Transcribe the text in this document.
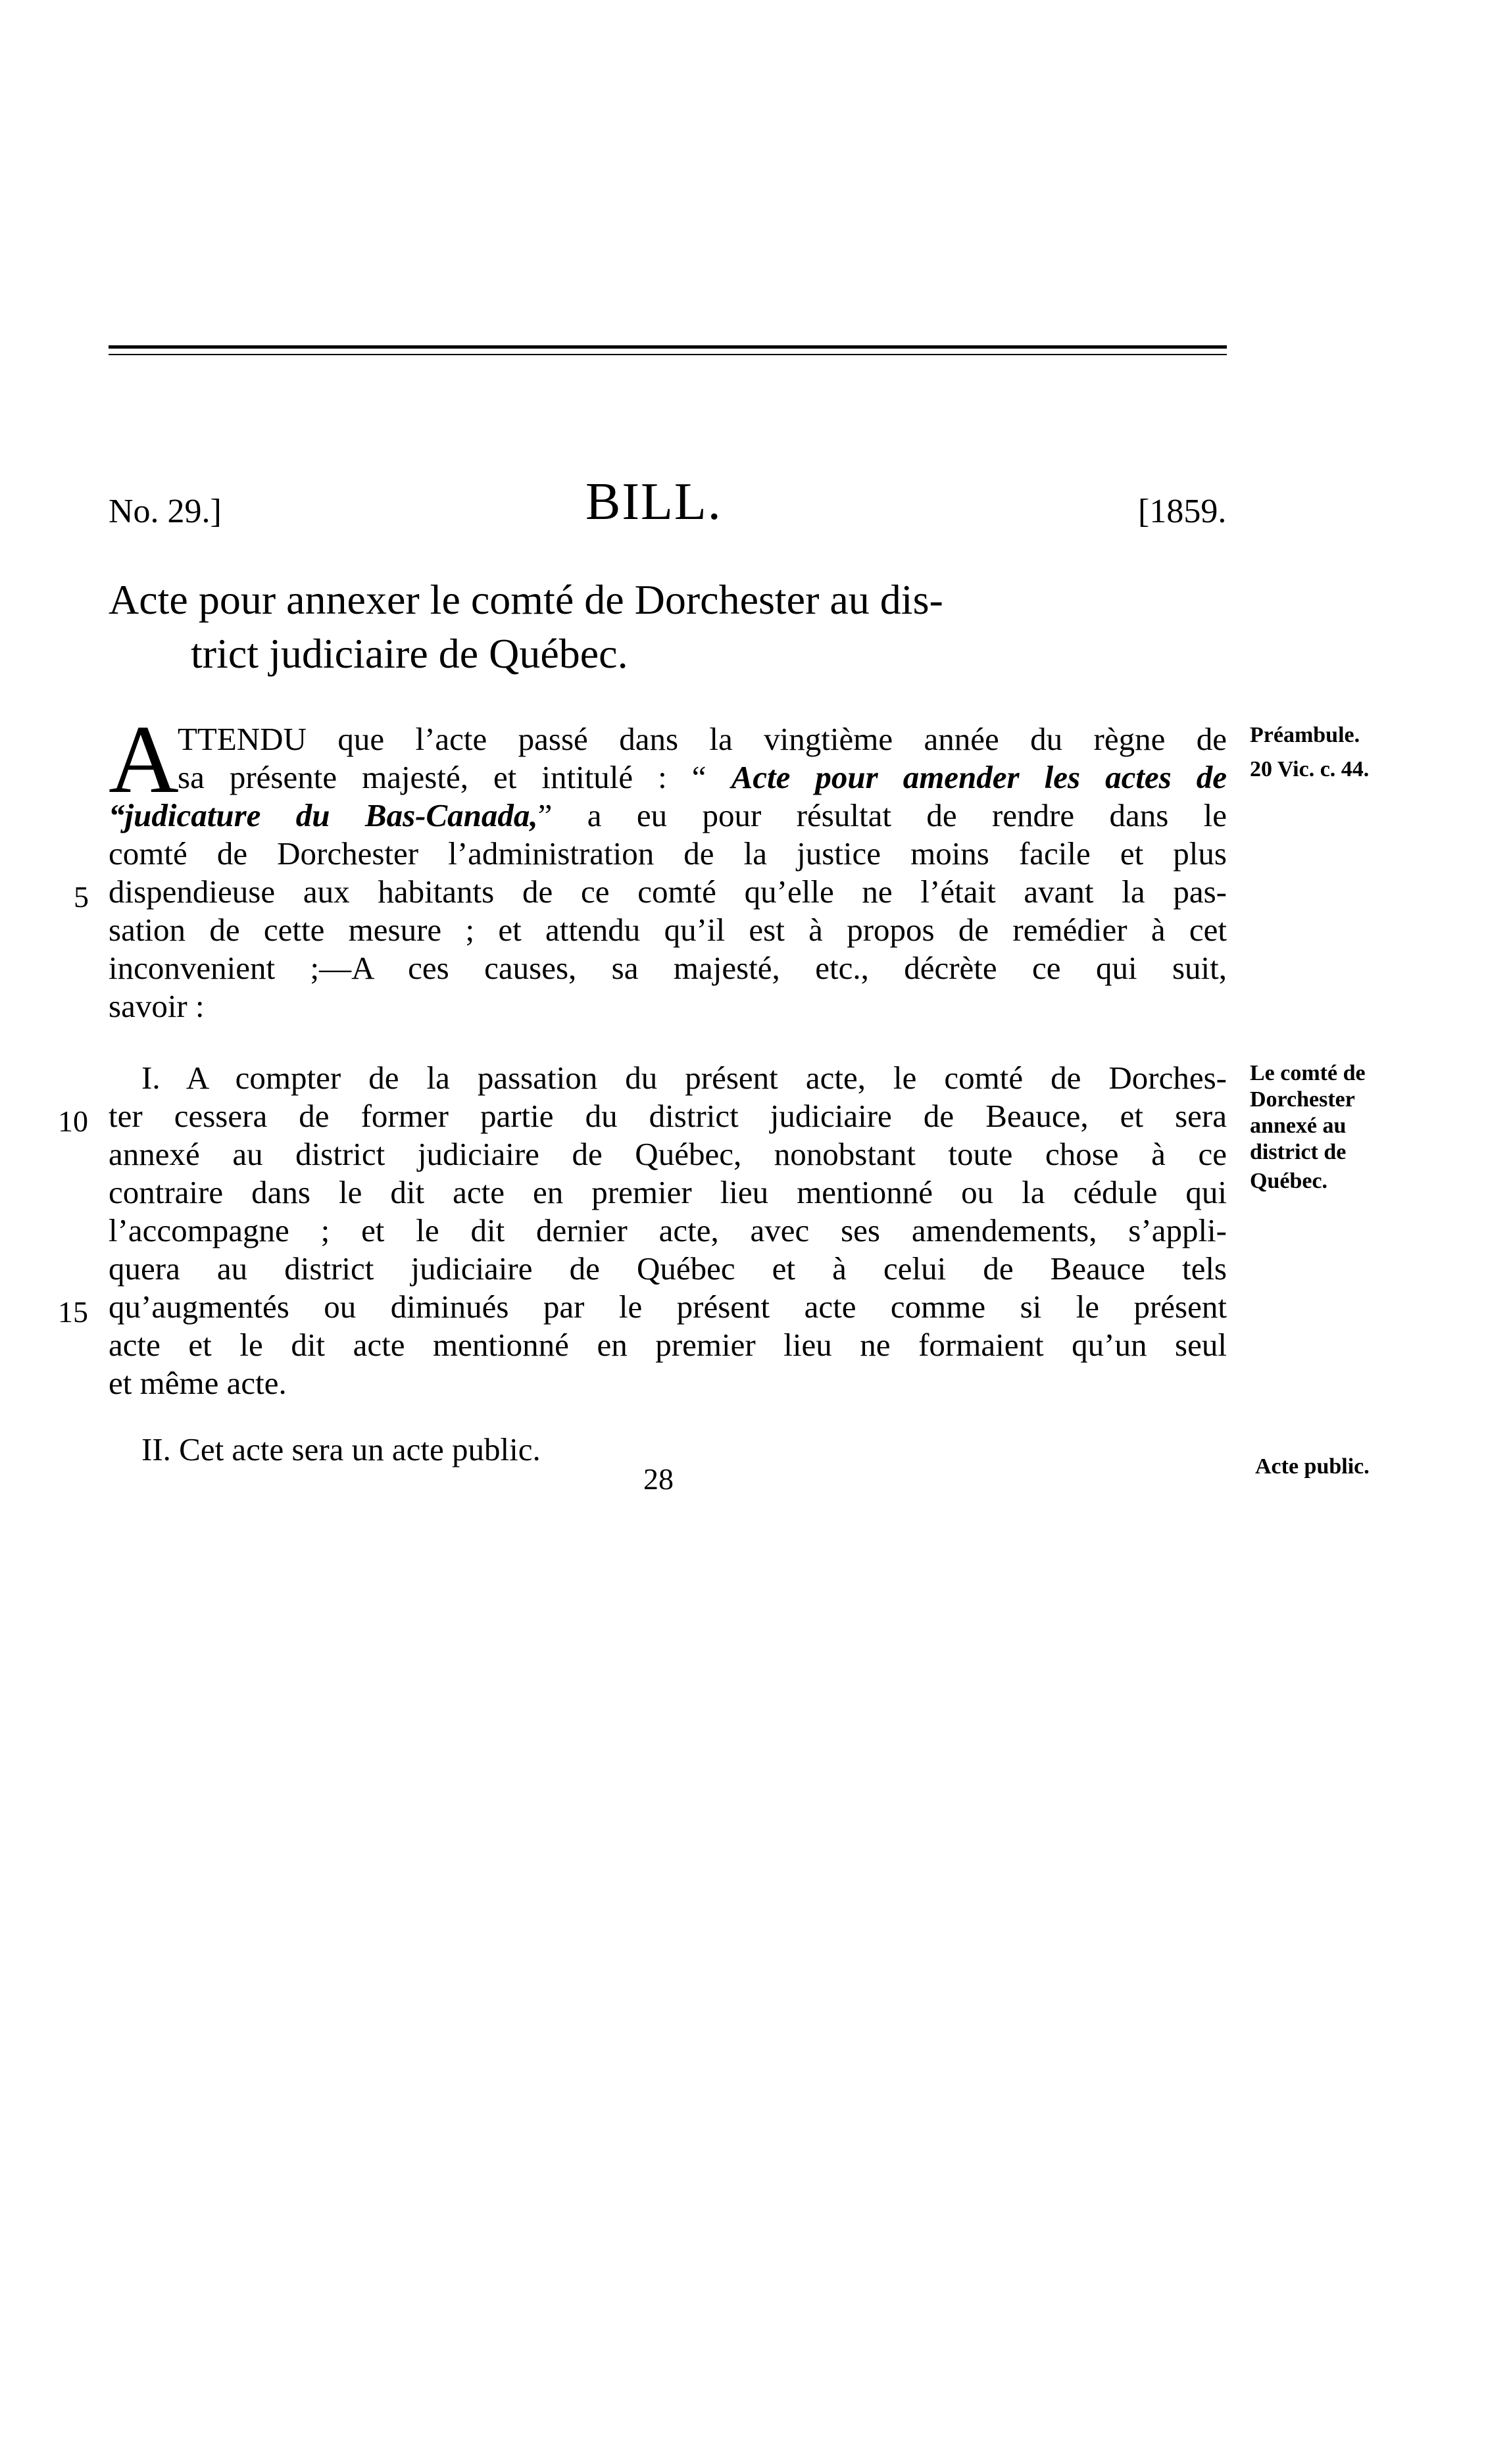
No. 29.]	BILL.	[1859.
Acte pour annexer le comté de Dorchester au dis-
trict judiciaire de Québec.
A
TTENDU que l’acte passé dans la vingtième année du règne de
sa présente majesté, et intitulé : “ Acte pour amender les actes de
“judicature du Bas-Canada,” a eu pour résultat de rendre dans le
comté de Dorchester l’administration de la justice moins facile et plus
dispendieuse aux habitants de ce comté qu’elle ne l’était avant la pas-
sation de cette mesure ; et attendu qu’il est à propos de remédier à cet
inconvenient ;—A ces causes, sa majesté, etc., décrète ce qui suit,
savoir :
I. A compter de la passation du présent acte, le comté de Dorches-
ter cessera de former partie du district judiciaire de Beauce, et sera
annexé au district judiciaire de Québec, nonobstant toute chose à ce
contraire dans le dit acte en premier lieu mentionné ou la cédule qui
l’accompagne ; et le dit dernier acte, avec ses amendements, s’appli-
quera au district judiciaire de Québec et à celui de Beauce tels
qu’augmentés ou diminués par le présent acte comme si le présent
acte et le dit acte mentionné en premier lieu ne formaient qu’un seul
et même acte.
II. Cet acte sera un acte public.
28
5
10
15
Préambule.
20 Vic. c. 44.
Le comté de
Dorchester
annexé au
district de
Québec.
Acte public.
